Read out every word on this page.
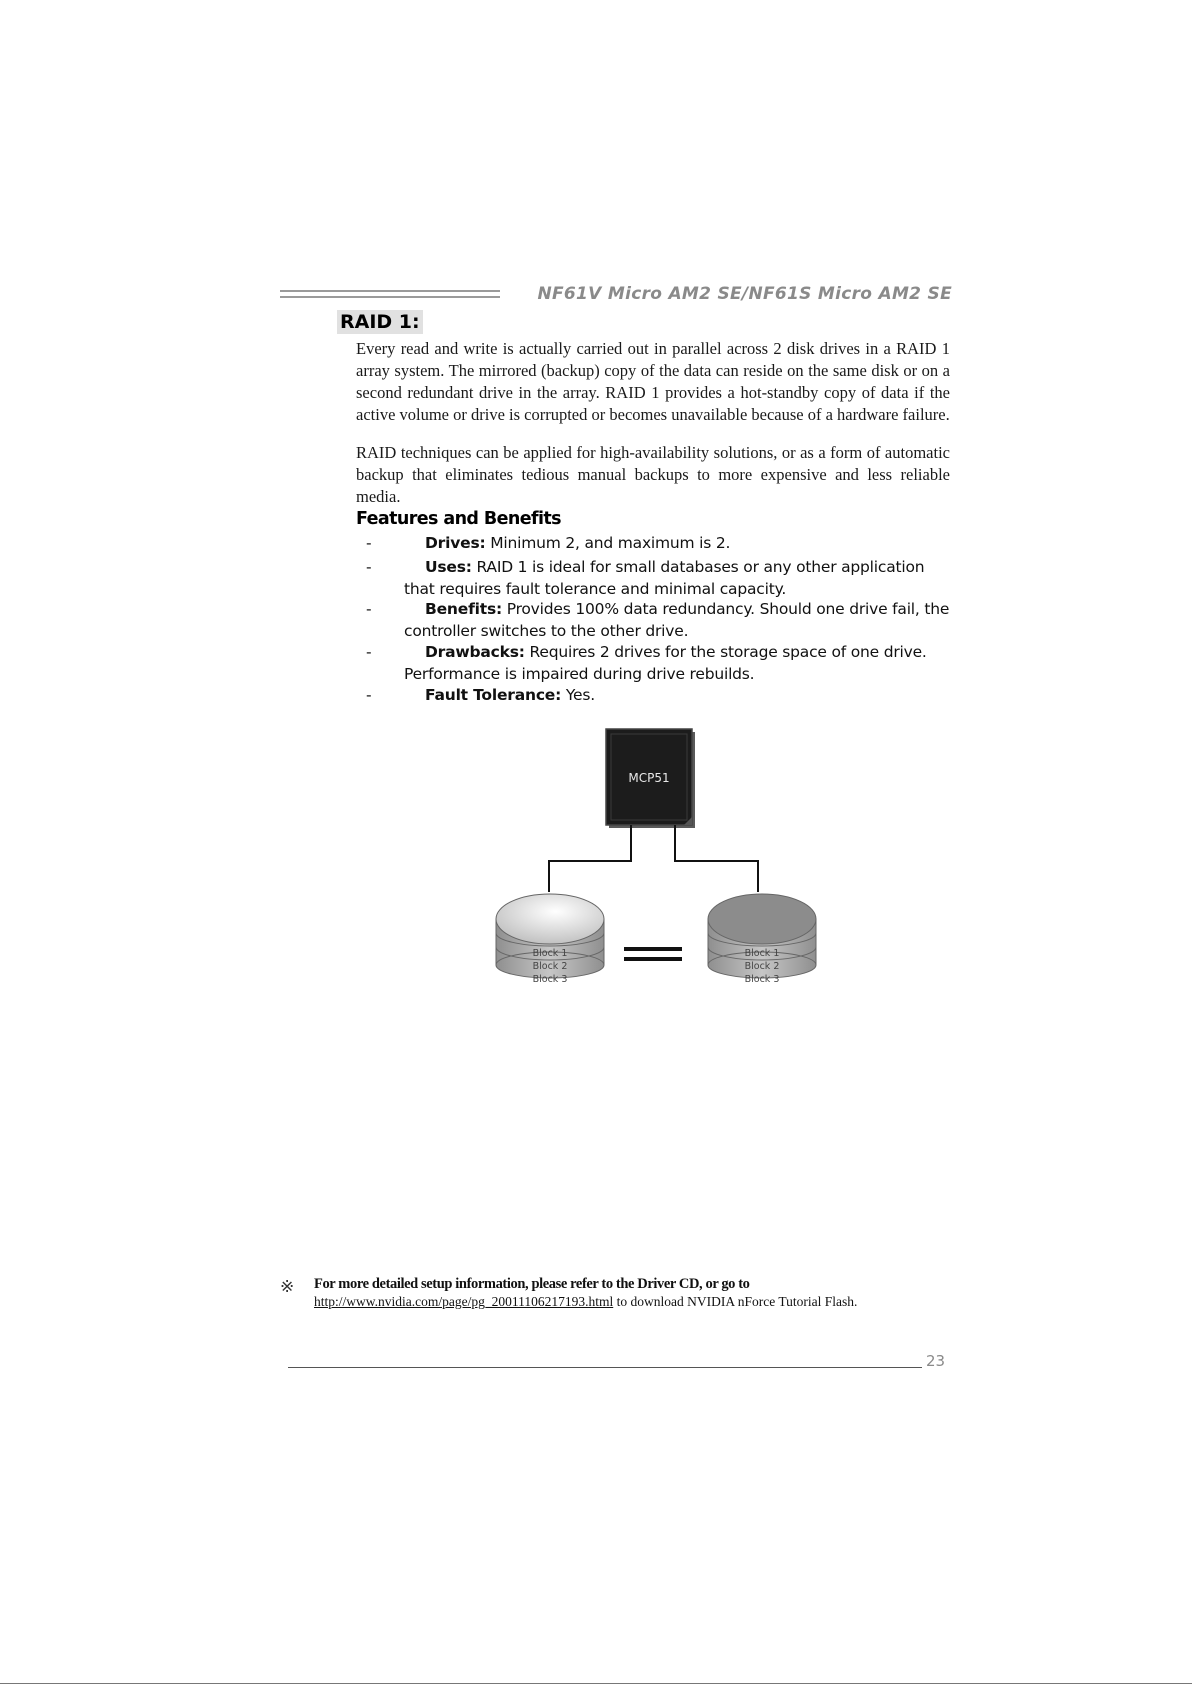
NF61V Micro AM2 SE/NF61S Micro AM2 SE
RAID 1:
Every read and write is actually carried out in parallel across 2 disk drives in a RAID 1 array system. The mirrored (backup) copy of the data can reside on the same disk or on a second redundant drive in the array. RAID 1 provides a hot-standby copy of data if the active volume or drive is corrupted or becomes unavailable because of a hardware failure.
RAID techniques can be applied for high-availability solutions, or as a form of automatic backup that eliminates tedious manual backups to more expensive and less reliable media.
Features and Benefits
-	Drives: Minimum 2, and maximum is 2.
-	Uses: RAID 1 is ideal for small databases or any other application that requires fault tolerance and minimal capacity.
-	Benefits: Provides 100% data redundancy. Should one drive fail, the controller switches to the other drive.
-	Drawbacks: Requires 2 drives for the storage space of one drive. Performance is impaired during drive rebuilds.
-	Fault Tolerance: Yes.
MCP51
Block 1
Block 2
Block 3
Block 1
Block 2
Block 3
※ For more detailed setup information, please refer to the Driver CD, or go to
http://www.nvidia.com/page/pg_20011106217193.html to download NVIDIA nForce Tutorial Flash.
23
